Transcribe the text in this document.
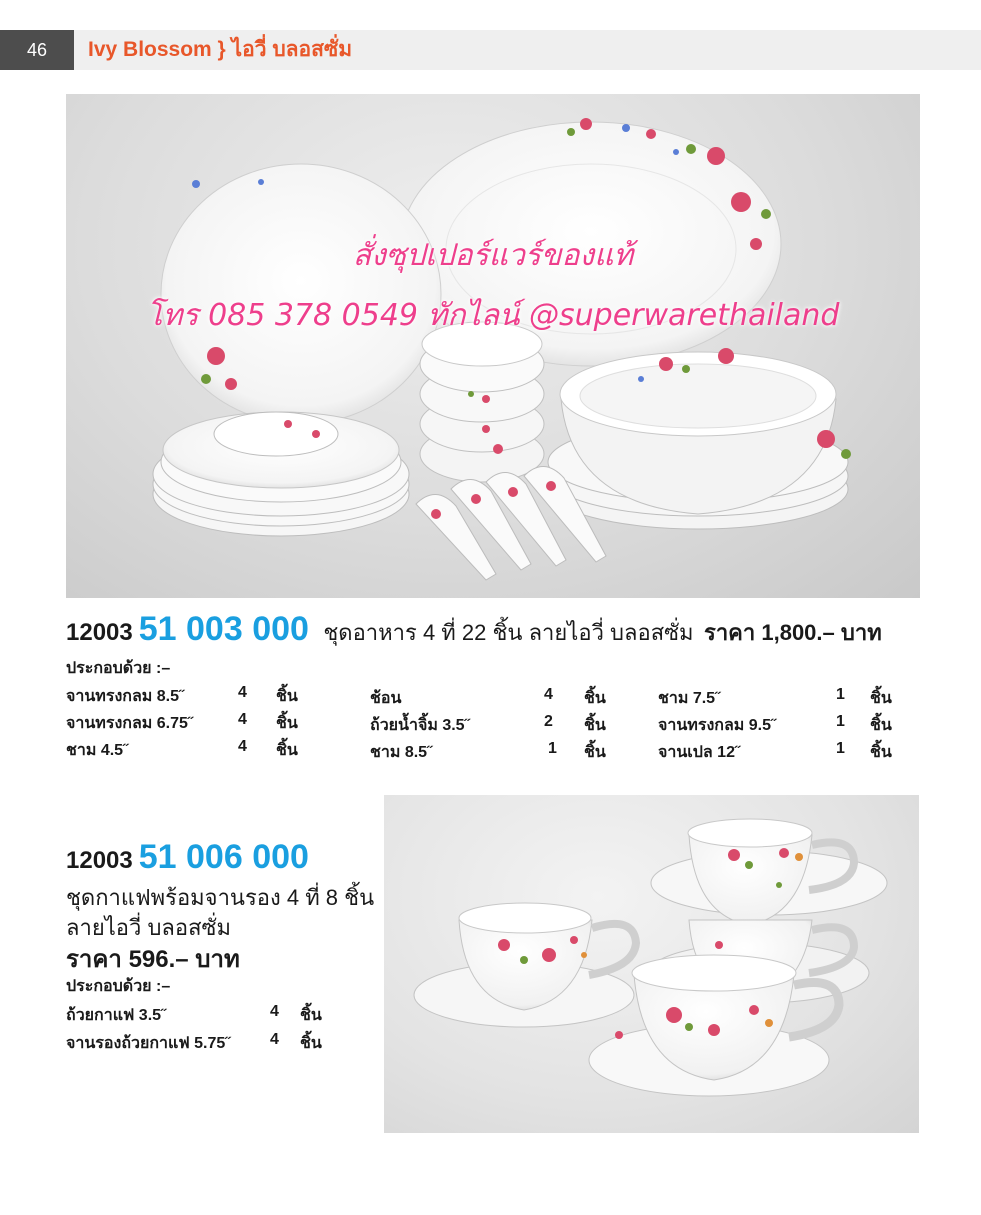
46	Ivy Blossom } ไอวี่ บลอสซั่ม
สั่งซุปเปอร์แวร์ของแท้
โทร 085 378 0549 ทักไลน์ @superwarethailand
12003 51 003 000 ชุดอาหาร 4 ที่ 22 ชิ้น ลายไอวี่ บลอสซั่ม ราคา 1,800.– บาท
ประกอบด้วย :–
จานทรงกลม 8.5˝	4 ชิ้น
จานทรงกลม 6.75˝	4 ชิ้น
ชาม 4.5˝	4 ชิ้น
ช้อน	4 ชิ้น
ถ้วยน้ำจิ้ม 3.5˝	2 ชิ้น
ชาม 8.5˝	1 ชิ้น
ชาม 7.5˝	1 ชิ้น
จานทรงกลม 9.5˝	1 ชิ้น
จานเปล 12˝	1 ชิ้น
12003 51 006 000
ชุดกาแฟพร้อมจานรอง 4 ที่ 8 ชิ้น
ลายไอวี่ บลอสซั่ม
ราคา 596.– บาท
ประกอบด้วย :–
ถ้วยกาแฟ 3.5˝	4 ชิ้น
จานรองถ้วยกาแฟ 5.75˝ 4 ชิ้น
